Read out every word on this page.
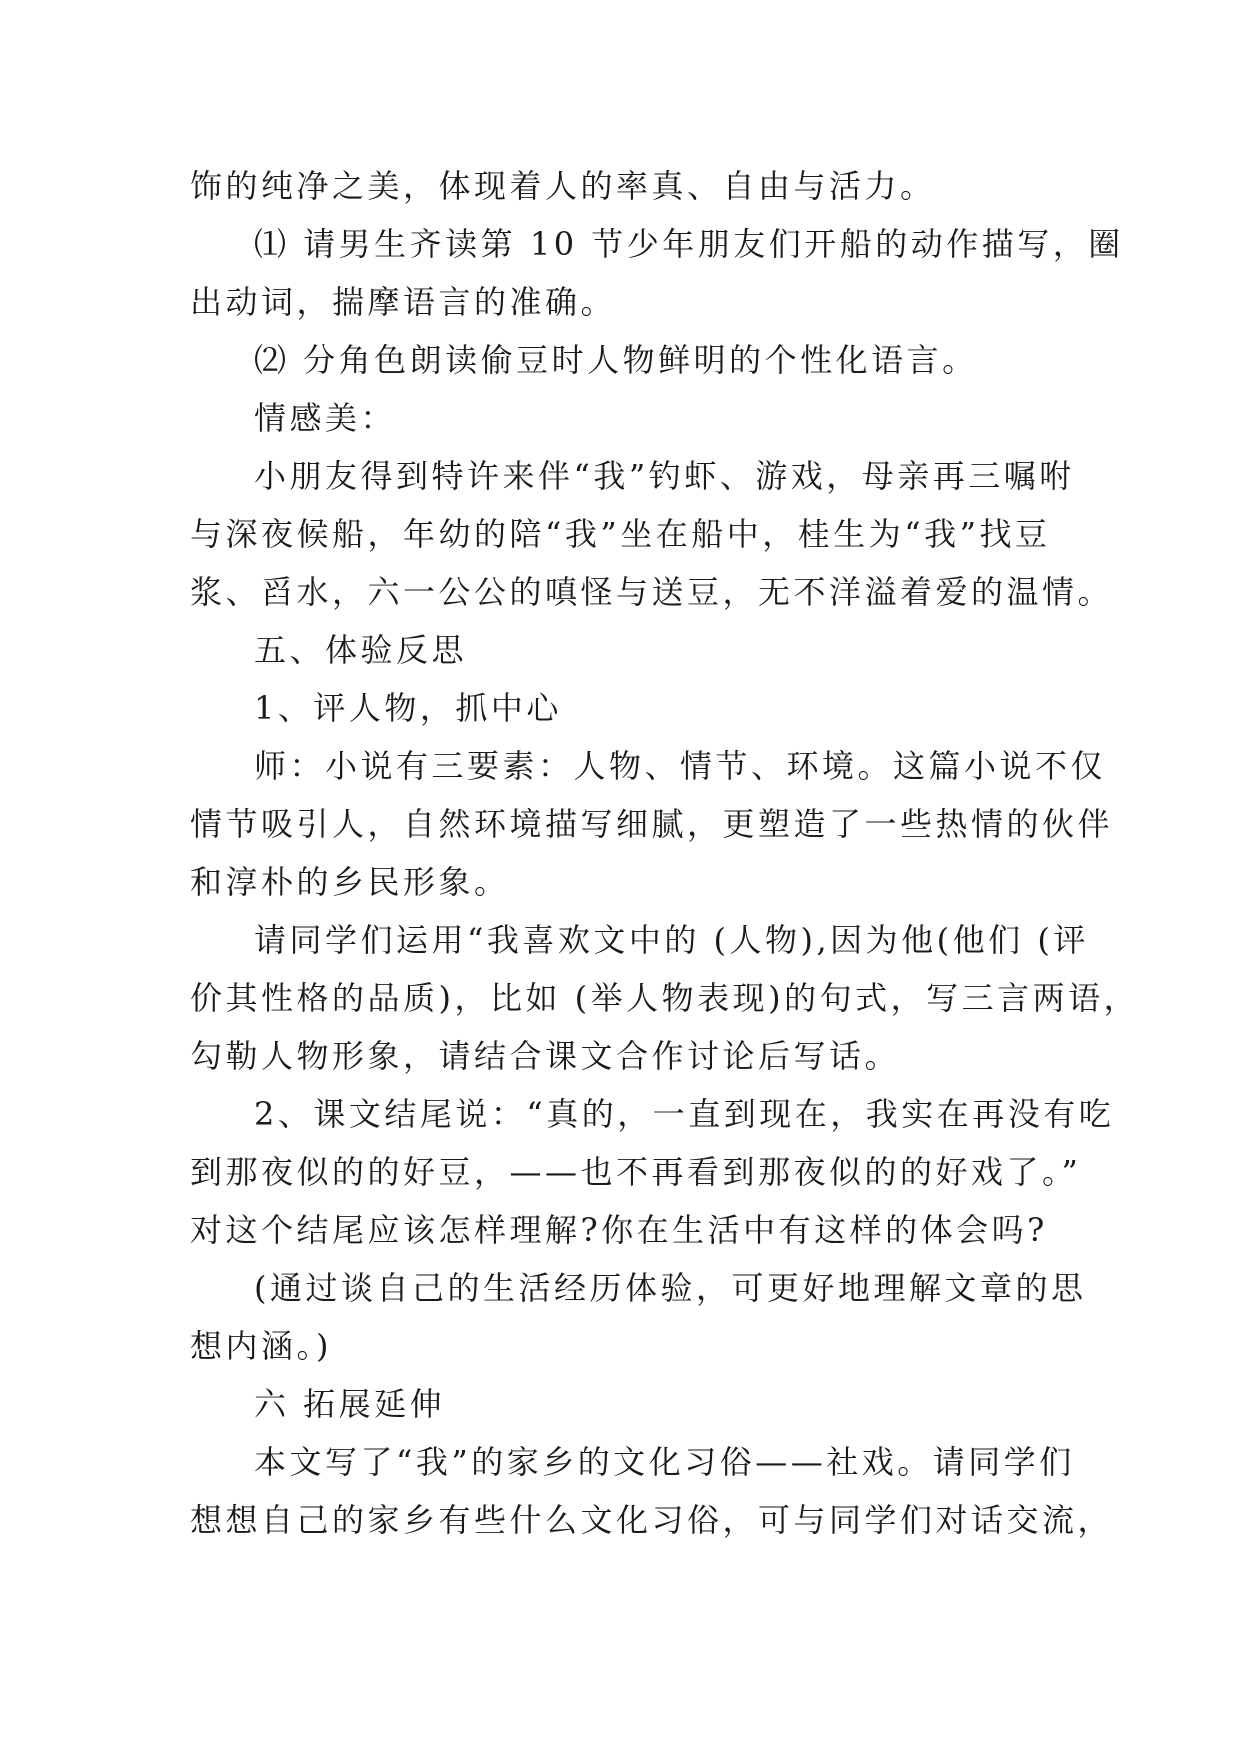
饰的纯净之美，体现着人的率真、自由与活力。
⑴ 请男生齐读第 10 节少年朋友们开船的动作描写，圈
出动词，揣摩语言的准确。
⑵ 分角色朗读偷豆时人物鲜明的个性化语言。
情感美：
小朋友得到特许来伴“我”钓虾、游戏，母亲再三嘱咐
与深夜候船，年幼的陪“我”坐在船中，桂生为“我”找豆
浆、舀水，六一公公的嗔怪与送豆，无不洋溢着爱的温情。
五、体验反思
1、评人物，抓中心
师：小说有三要素：人物、情节、环境。这篇小说不仅
情节吸引人，自然环境描写细腻，更塑造了一些热情的伙伴
和淳朴的乡民形象。
请同学们运用“我喜欢文中的 (人物),因为他(他们 (评
价其性格的品质)，比如 (举人物表现)的句式，写三言两语，
勾勒人物形象，请结合课文合作讨论后写话。
2、课文结尾说：“真的，一直到现在，我实在再没有吃
到那夜似的的好豆，——也不再看到那夜似的的好戏了。”
对这个结尾应该怎样理解?你在生活中有这样的体会吗?
(通过谈自己的生活经历体验，可更好地理解文章的思
想内涵。)
六 拓展延伸
本文写了“我”的家乡的文化习俗——社戏。请同学们
想想自己的家乡有些什么文化习俗，可与同学们对话交流，
